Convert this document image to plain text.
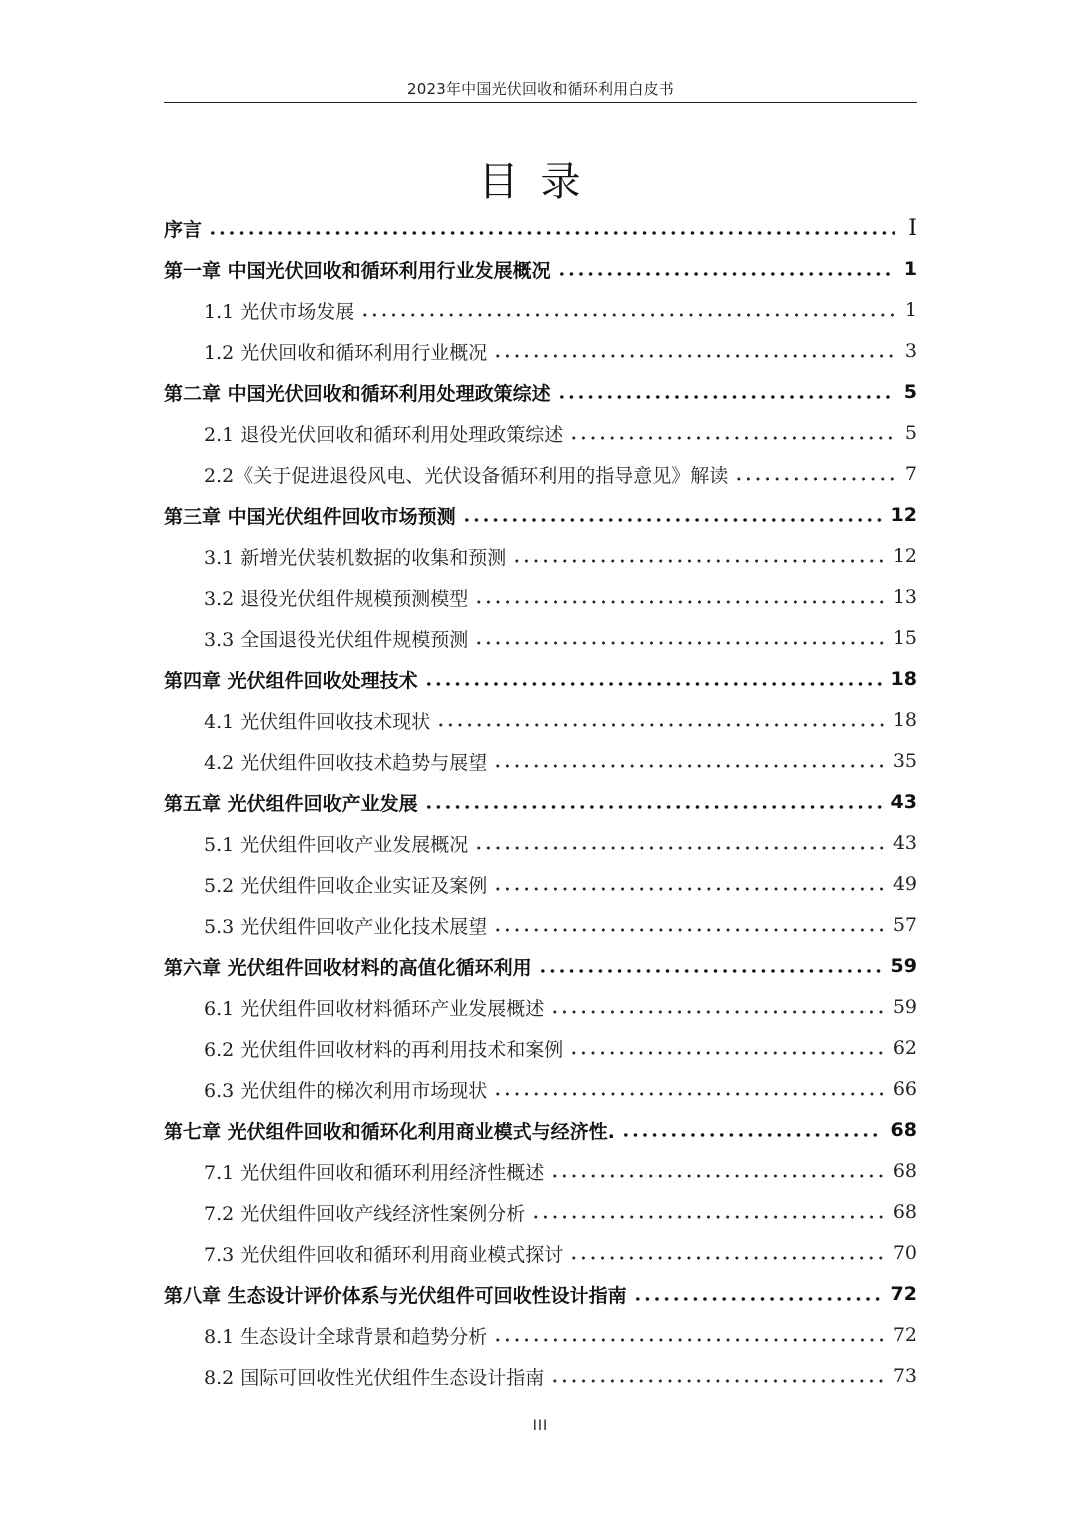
2023年中国光伏回收和循环利用白皮书
目录
序言	I
第一章 中国光伏回收和循环利用行业发展概况	1
1.1 光伏市场发展	1
1.2 光伏回收和循环利用行业概况	3
第二章 中国光伏回收和循环利用处理政策综述	5
2.1 退役光伏回收和循环利用处理政策综述	5
2.2《关于促进退役风电、光伏设备循环利用的指导意见》解读	7
第三章 中国光伏组件回收市场预测	12
3.1 新增光伏装机数据的收集和预测	12
3.2 退役光伏组件规模预测模型	13
3.3 全国退役光伏组件规模预测	15
第四章 光伏组件回收处理技术	18
4.1 光伏组件回收技术现状	18
4.2 光伏组件回收技术趋势与展望	35
第五章 光伏组件回收产业发展	43
5.1 光伏组件回收产业发展概况	43
5.2 光伏组件回收企业实证及案例	49
5.3 光伏组件回收产业化技术展望	57
第六章 光伏组件回收材料的高值化循环利用	59
6.1 光伏组件回收材料循环产业发展概述	59
6.2 光伏组件回收材料的再利用技术和案例	62
6.3 光伏组件的梯次利用市场现状	66
第七章 光伏组件回收和循环化利用商业模式与经济性.	68
7.1 光伏组件回收和循环利用经济性概述	68
7.2 光伏组件回收产线经济性案例分析	68
7.3 光伏组件回收和循环利用商业模式探讨	70
第八章 生态设计评价体系与光伏组件可回收性设计指南	72
8.1 生态设计全球背景和趋势分析	72
8.2 国际可回收性光伏组件生态设计指南	73
III
